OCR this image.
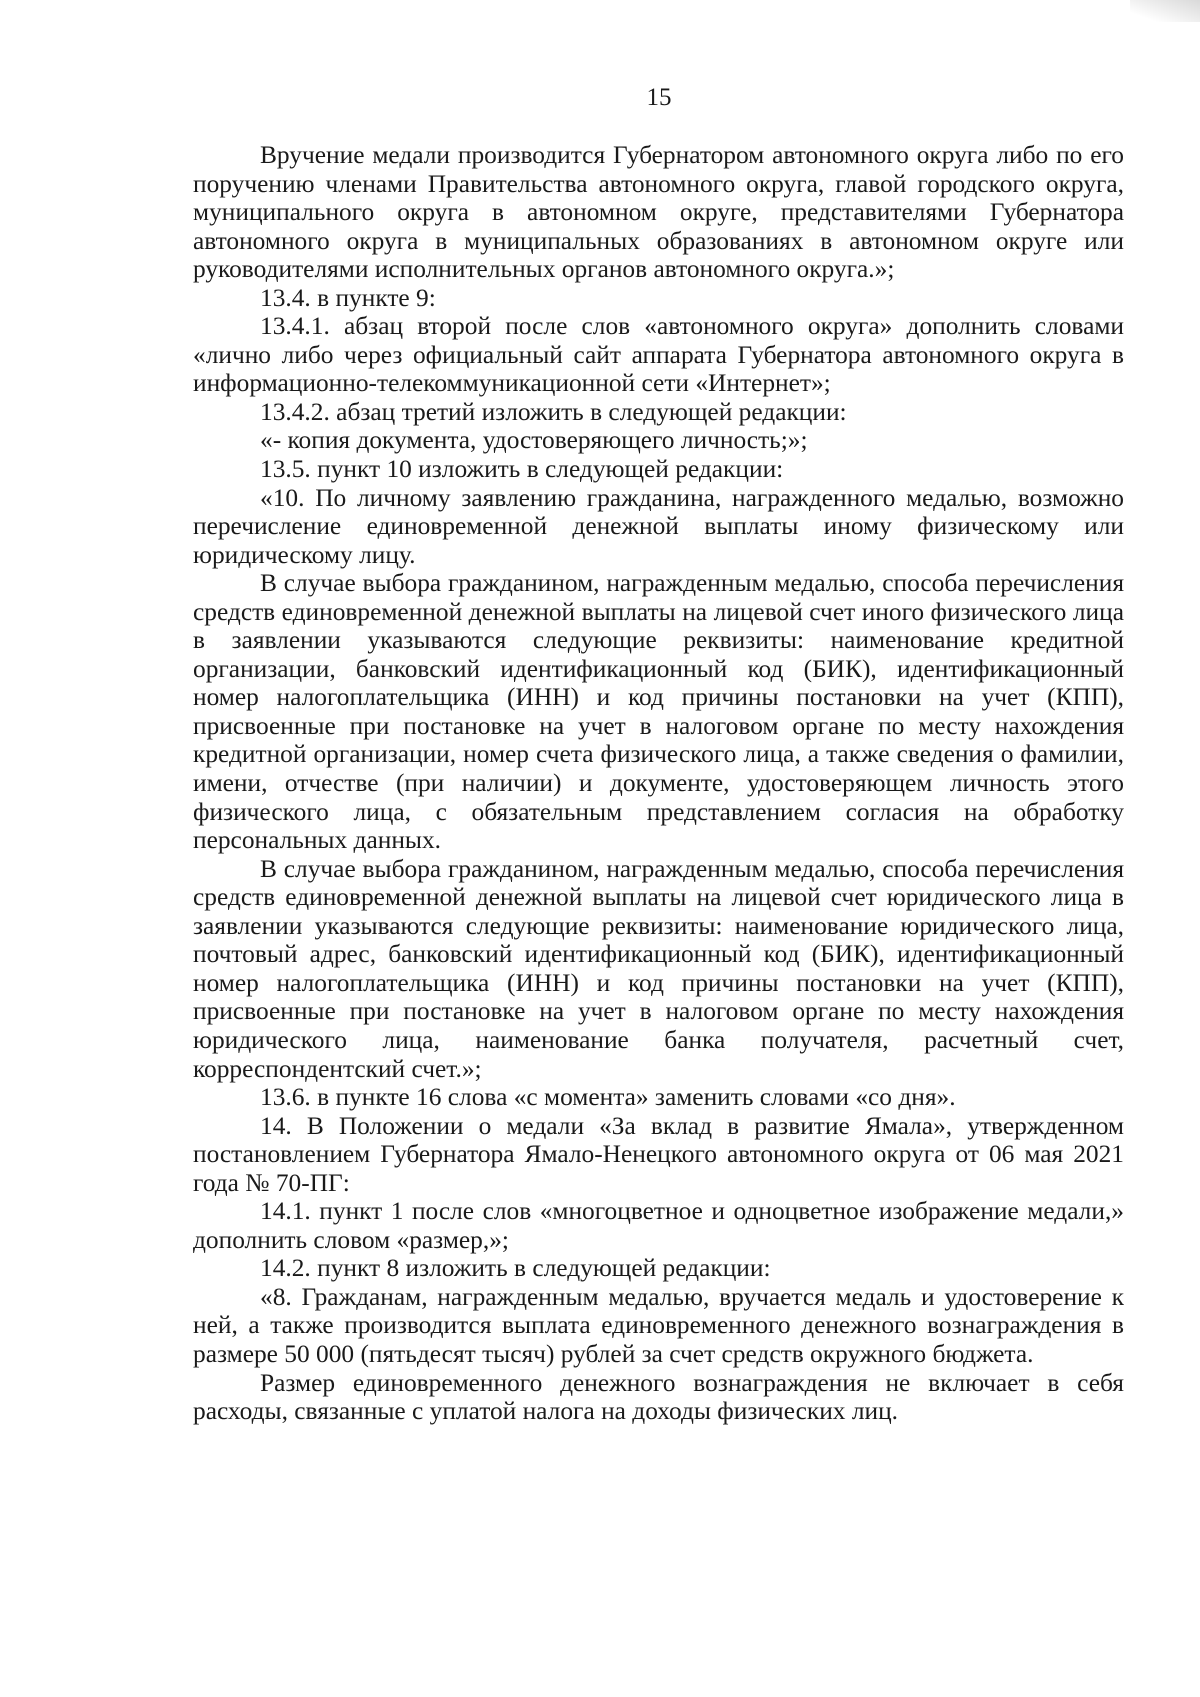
15

Вручение медали производится Губернатором автономного округа либо по его поручению членами Правительства автономного округа, главой городского округа, муниципального округа в автономном округе, представителями Губернатора автономного округа в муниципальных образованиях в автономном округе или руководителями исполнительных органов автономного округа.»;

13.4. в пункте 9:

13.4.1. абзац второй после слов «автономного округа» дополнить словами «лично либо через официальный сайт аппарата Губернатора автономного округа в информационно-телекоммуникационной сети «Интернет»;

13.4.2. абзац третий изложить в следующей редакции:

«- копия документа, удостоверяющего личность;»;

13.5. пункт 10 изложить в следующей редакции:

«10. По личному заявлению гражданина, награжденного медалью, возможно перечисление единовременной денежной выплаты иному физическому или юридическому лицу.

В случае выбора гражданином, награжденным медалью, способа перечисления средств единовременной денежной выплаты на лицевой счет иного физического лица в заявлении указываются следующие реквизиты: наименование кредитной организации, банковский идентификационный код (БИК), идентификационный номер налогоплательщика (ИНН) и код причины постановки на учет (КПП), присвоенные при постановке на учет в налоговом органе по месту нахождения кредитной организации, номер счета физического лица, а также сведения о фамилии, имени, отчестве (при наличии) и документе, удостоверяющем личность этого физического лица, с обязательным представлением согласия на обработку персональных данных.

В случае выбора гражданином, награжденным медалью, способа перечисления средств единовременной денежной выплаты на лицевой счет юридического лица в заявлении указываются следующие реквизиты: наименование юридического лица, почтовый адрес, банковский идентификационный код (БИК), идентификационный номер налогоплательщика (ИНН) и код причины постановки на учет (КПП), присвоенные при постановке на учет в налоговом органе по месту нахождения юридического лица, наименование банка получателя, расчетный счет, корреспондентский счет.»;

13.6. в пункте 16 слова «с момента» заменить словами «со дня».

14. В Положении о медали «За вклад в развитие Ямала», утвержденном постановлением Губернатора Ямало-Ненецкого автономного округа от 06 мая 2021 года № 70-ПГ:

14.1. пункт 1 после слов «многоцветное и одноцветное изображение медали,» дополнить словом «размер,»;

14.2. пункт 8 изложить в следующей редакции:

«8. Гражданам, награжденным медалью, вручается медаль и удостоверение к ней, а также производится выплата единовременного денежного вознаграждения в размере 50 000 (пятьдесят тысяч) рублей за счет средств окружного бюджета.

Размер единовременного денежного вознаграждения не включает в себя расходы, связанные с уплатой налога на доходы физических лиц.
